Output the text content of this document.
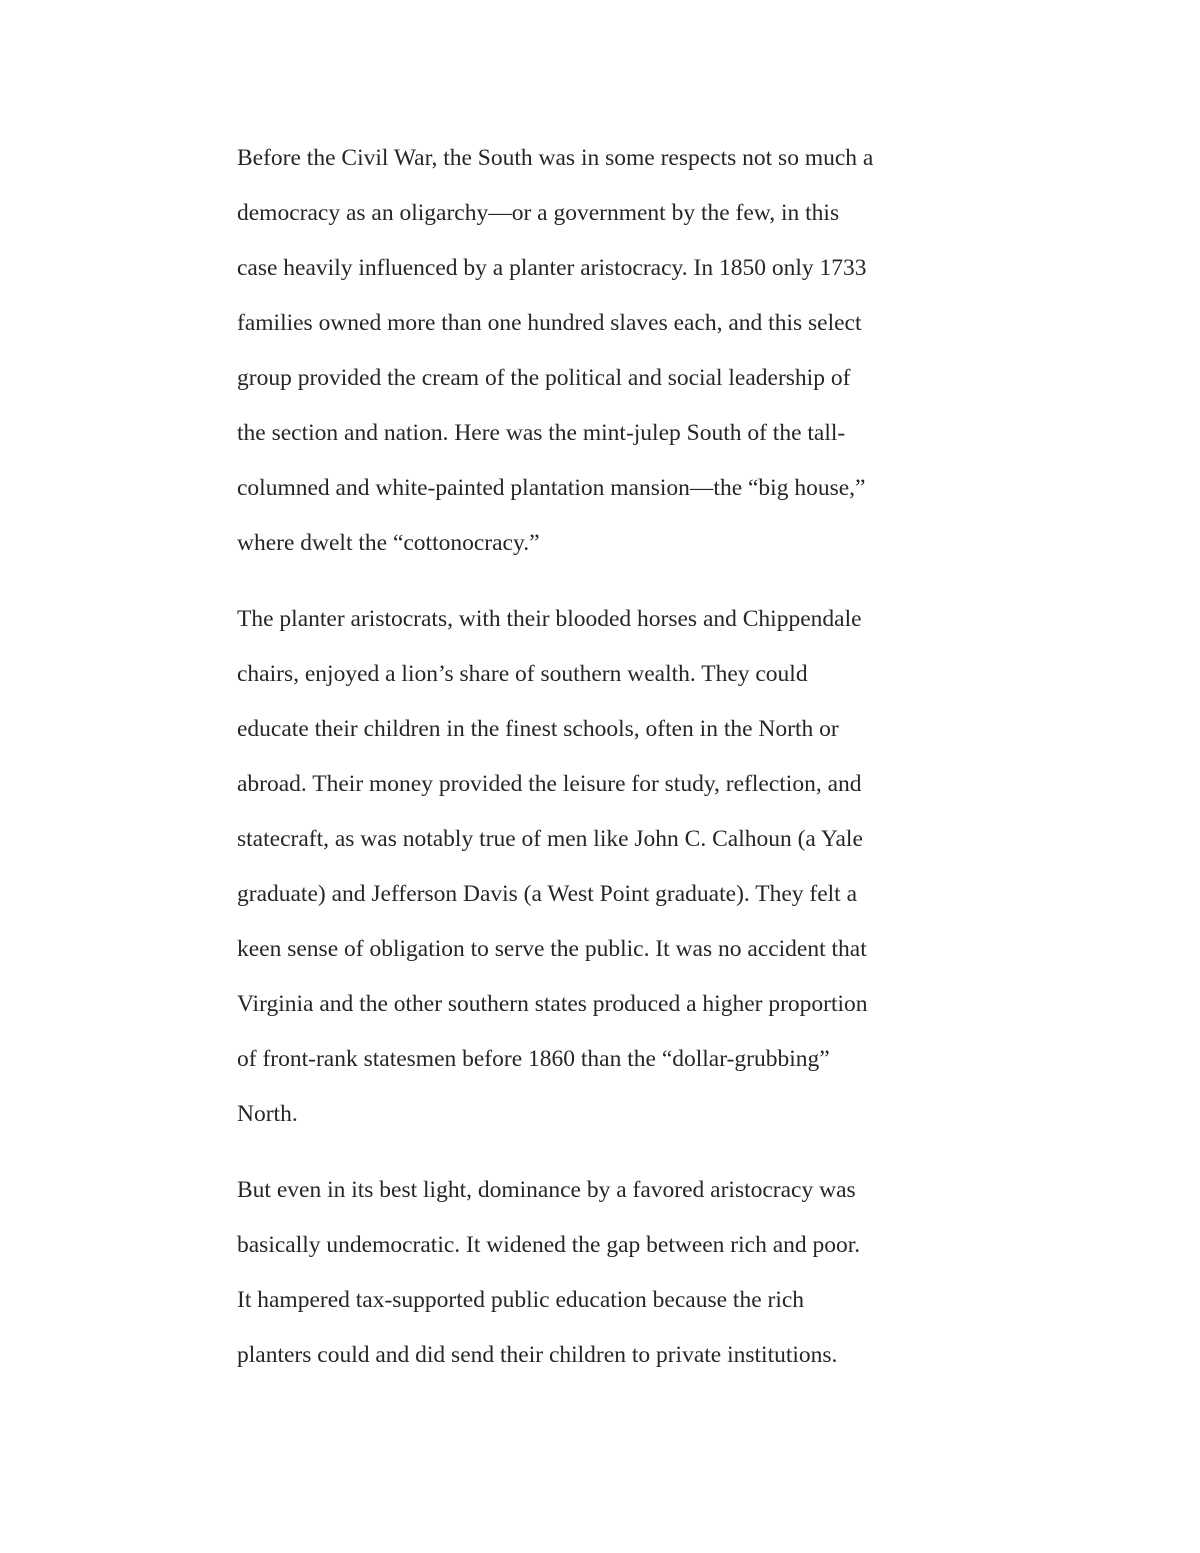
Before the Civil War, the South was in some respects not so much a
democracy as an oligarchy—or a government by the few, in this
case heavily influenced by a planter aristocracy. In 1850 only 1733
families owned more than one hundred slaves each, and this select
group provided the cream of the political and social leadership of
the section and nation. Here was the mint-julep South of the tall-
columned and white-painted plantation mansion—the “big house,”
where dwelt the “cottonocracy.”

The planter aristocrats, with their blooded horses and Chippendale
chairs, enjoyed a lion’s share of southern wealth. They could
educate their children in the finest schools, often in the North or
abroad. Their money provided the leisure for study, reflection, and
statecraft, as was notably true of men like John C. Calhoun (a Yale
graduate) and Jefferson Davis (a West Point graduate). They felt a
keen sense of obligation to serve the public. It was no accident that
Virginia and the other southern states produced a higher proportion
of front-rank statesmen before 1860 than the “dollar-grubbing”
North.

But even in its best light, dominance by a favored aristocracy was
basically undemocratic. It widened the gap between rich and poor.
It hampered tax-supported public education because the rich
planters could and did send their children to private institutions.
